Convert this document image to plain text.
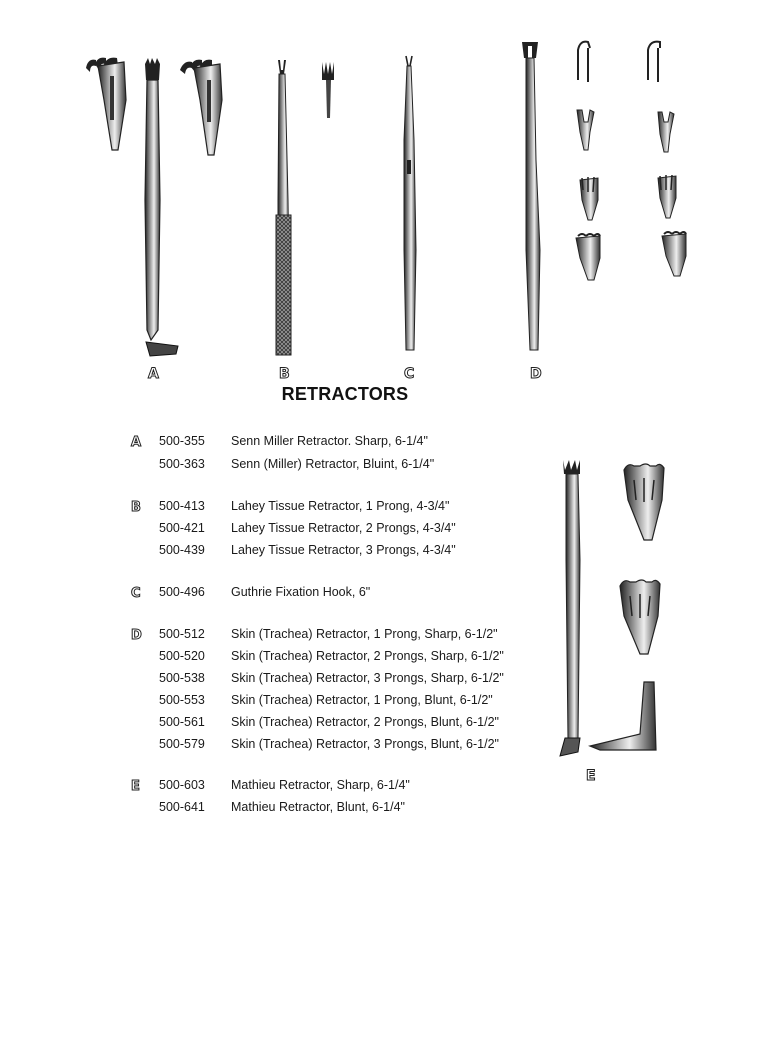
A	B	C	D
E
RETRACTORS
A 500-355 Senn Miller Retractor. Sharp, 6-1/4"
500-363 Senn (Miller) Retractor, Bluint, 6-1/4"
B 500-413 Lahey Tissue Retractor, 1 Prong, 4-3/4"
500-421 Lahey Tissue Retractor, 2 Prongs, 4-3/4"
500-439 Lahey Tissue Retractor, 3 Prongs, 4-3/4"
C 500-496 Guthrie Fixation Hook, 6"
D 500-512 Skin (Trachea) Retractor, 1 Prong, Sharp, 6-1/2"
500-520 Skin (Trachea) Retractor, 2 Prongs, Sharp, 6-1/2"
500-538 Skin (Trachea) Retractor, 3 Prongs, Sharp, 6-1/2"
500-553 Skin (Trachea) Retractor, 1 Prong, Blunt, 6-1/2"
500-561 Skin (Trachea) Retractor, 2 Prongs, Blunt, 6-1/2"
500-579 Skin (Trachea) Retractor, 3 Prongs, Blunt, 6-1/2"
E 500-603 Mathieu Retractor, Sharp, 6-1/4"
500-641 Mathieu Retractor, Blunt, 6-1/4"
